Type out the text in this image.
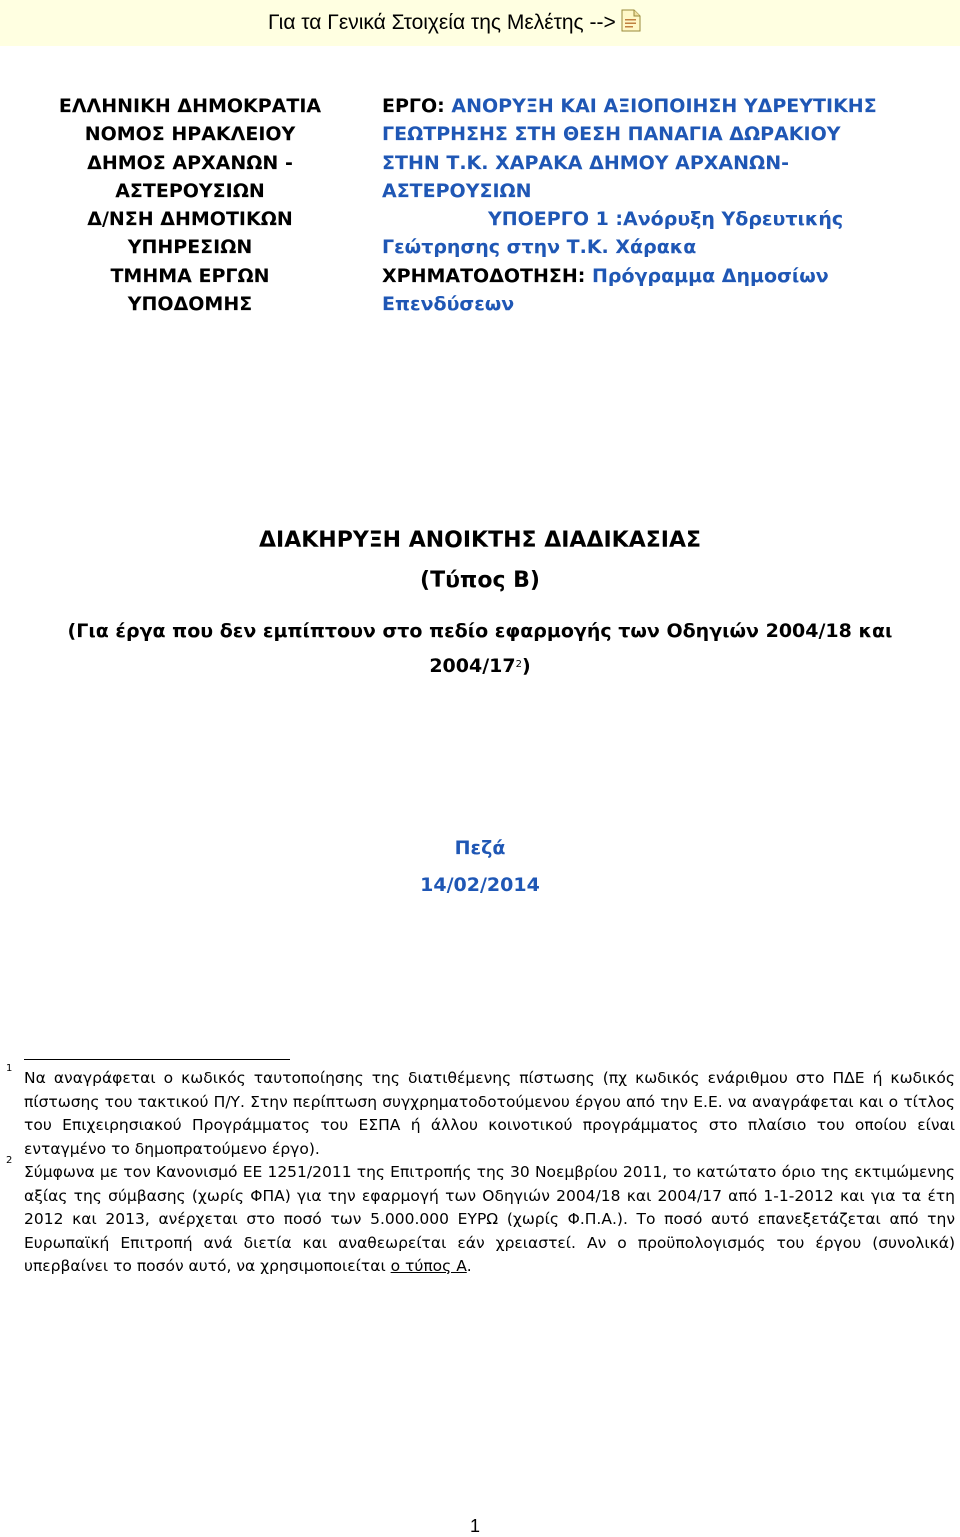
Για τα Γενικά Στοιχεία της Μελέτης -->
ΕΛΛΗΝΙΚΗ ΔΗΜΟΚΡΑΤΙΑ
ΝΟΜΟΣ ΗΡΑΚΛΕΙΟΥ
ΔΗΜΟΣ ΑΡΧΑΝΩΝ -
ΑΣΤΕΡΟΥΣΙΩΝ
Δ/ΝΣΗ ΔΗΜΟΤΙΚΩΝ
ΥΠΗΡΕΣΙΩΝ
ΤΜΗΜΑ ΕΡΓΩΝ
ΥΠΟΔΟΜΗΣ
ΕΡΓΟ: ΑΝΟΡΥΞΗ ΚΑΙ ΑΞΙΟΠΟΙΗΣΗ ΥΔΡΕΥΤΙΚΗΣ
ΓΕΩΤΡΗΣΗΣ ΣΤΗ ΘΕΣΗ ΠΑΝΑΓΙΑ ΔΩΡΑΚΙΟΥ
ΣΤΗΝ Τ.Κ. ΧΑΡΑΚΑ ΔΗΜΟΥ ΑΡΧΑΝΩΝ-
ΑΣΤΕΡΟΥΣΙΩΝ
ΥΠΟΕΡΓΟ 1 :Ανόρυξη Υδρευτικής
Γεώτρησης στην Τ.Κ. Χάρακα
ΧΡΗΜΑΤΟΔΟΤΗΣΗ: Πρόγραμμα Δημοσίων
Επενδύσεων
ΔΙΑΚΗΡΥΞΗ ΑΝΟΙΚΤΗΣ ΔΙΑΔΙΚΑΣΙΑΣ
(Τύπος Β)
(Για έργα που δεν εμπίπτουν στο πεδίο εφαρμογής των Οδηγιών 2004/18 και
$2004/17^2$)
Πεζά
14/02/2014
1
Να αναγράφεται ο κωδικός ταυτοποίησης της διατιθέμενης πίστωσης (πχ κωδικός ενάριθμου στο ΠΔΕ ή κωδικός πίστωσης του τακτικού Π/Υ. Στην περίπτωση συγχρηματοδοτούμενου έργου από την Ε.Ε. να αναγράφεται και ο τίτλος του Επιχειρησιακού Προγράμματος του ΕΣΠΑ ή άλλου κοινοτικού προγράμματος στο πλαίσιο του οποίου είναι ενταγμένο το δημοπρατούμενο έργο).
2
Σύμφωνα με τον Κανονισμό ΕΕ 1251/2011 της Επιτροπής της 30 Νοεμβρίου 2011, το κατώτατο όριο της εκτιμώμενης αξίας της σύμβασης (χωρίς ΦΠΑ) για την εφαρμογή των Οδηγιών 2004/18 και 2004/17 από 1-1-2012 και για τα έτη 2012 και 2013, ανέρχεται στο ποσό των 5.000.000 ΕΥΡΩ (χωρίς Φ.Π.Α.). Το ποσό αυτό επανεξετάζεται από την Ευρωπαϊκή Επιτροπή ανά διετία και αναθεωρείται εάν χρειαστεί. Αν ο προϋπολογισμός του έργου (συνολικά) υπερβαίνει το ποσόν αυτό, να χρησιμοποιείται ο τύπος Α.
1
